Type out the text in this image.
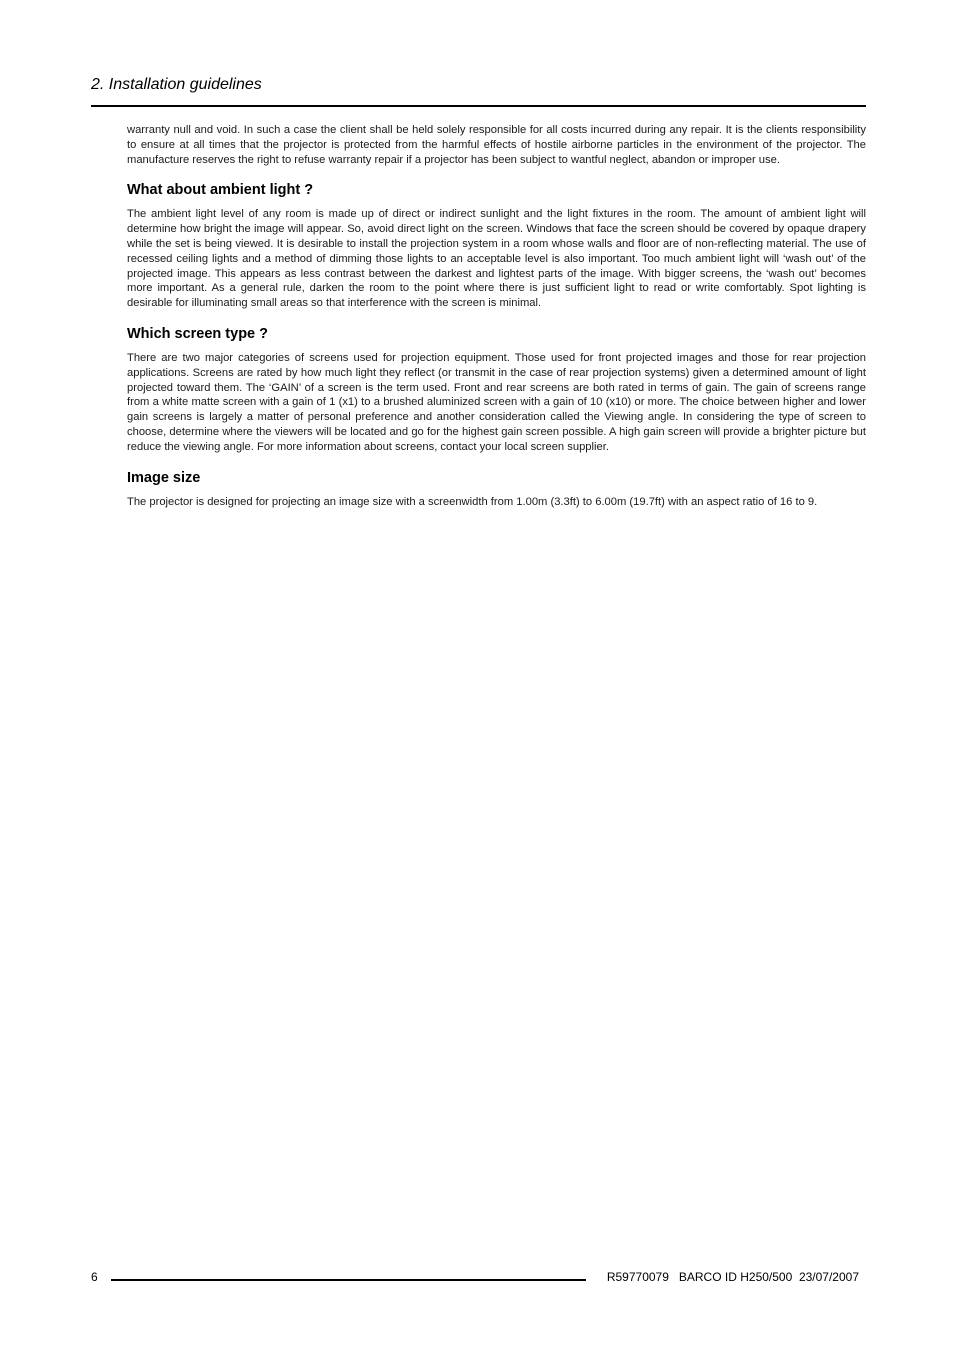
2. Installation guidelines

warranty null and void. In such a case the client shall be held solely responsible for all costs incurred during any repair. It is the clients responsibility to ensure at all times that the projector is protected from the harmful effects of hostile airborne particles in the environment of the projector. The manufacture reserves the right to refuse warranty repair if a projector has been subject to wantful neglect, abandon or improper use.

What about ambient light ?

The ambient light level of any room is made up of direct or indirect sunlight and the light fixtures in the room. The amount of ambient light will determine how bright the image will appear. So, avoid direct light on the screen. Windows that face the screen should be covered by opaque drapery while the set is being viewed. It is desirable to install the projection system in a room whose walls and floor are of non-reflecting material. The use of recessed ceiling lights and a method of dimming those lights to an acceptable level is also important. Too much ambient light will ‘wash out’ of the projected image. This appears as less contrast between the darkest and lightest parts of the image. With bigger screens, the ‘wash out’ becomes more important. As a general rule, darken the room to the point where there is just sufficient light to read or write comfortably. Spot lighting is desirable for illuminating small areas so that interference with the screen is minimal.

Which screen type ?

There are two major categories of screens used for projection equipment. Those used for front projected images and those for rear projection applications. Screens are rated by how much light they reflect (or transmit in the case of rear projection systems) given a determined amount of light projected toward them. The ‘GAIN’ of a screen is the term used. Front and rear screens are both rated in terms of gain. The gain of screens range from a white matte screen with a gain of 1 (x1) to a brushed aluminized screen with a gain of 10 (x10) or more. The choice between higher and lower gain screens is largely a matter of personal preference and another consideration called the Viewing angle. In considering the type of screen to choose, determine where the viewers will be located and go for the highest gain screen possible. A high gain screen will provide a brighter picture but reduce the viewing angle. For more information about screens, contact your local screen supplier.

Image size

The projector is designed for projecting an image size with a screenwidth from 1.00m (3.3ft) to 6.00m (19.7ft) with an aspect ratio of 16 to 9.

6	R59770079   BARCO ID H250/500  23/07/2007
